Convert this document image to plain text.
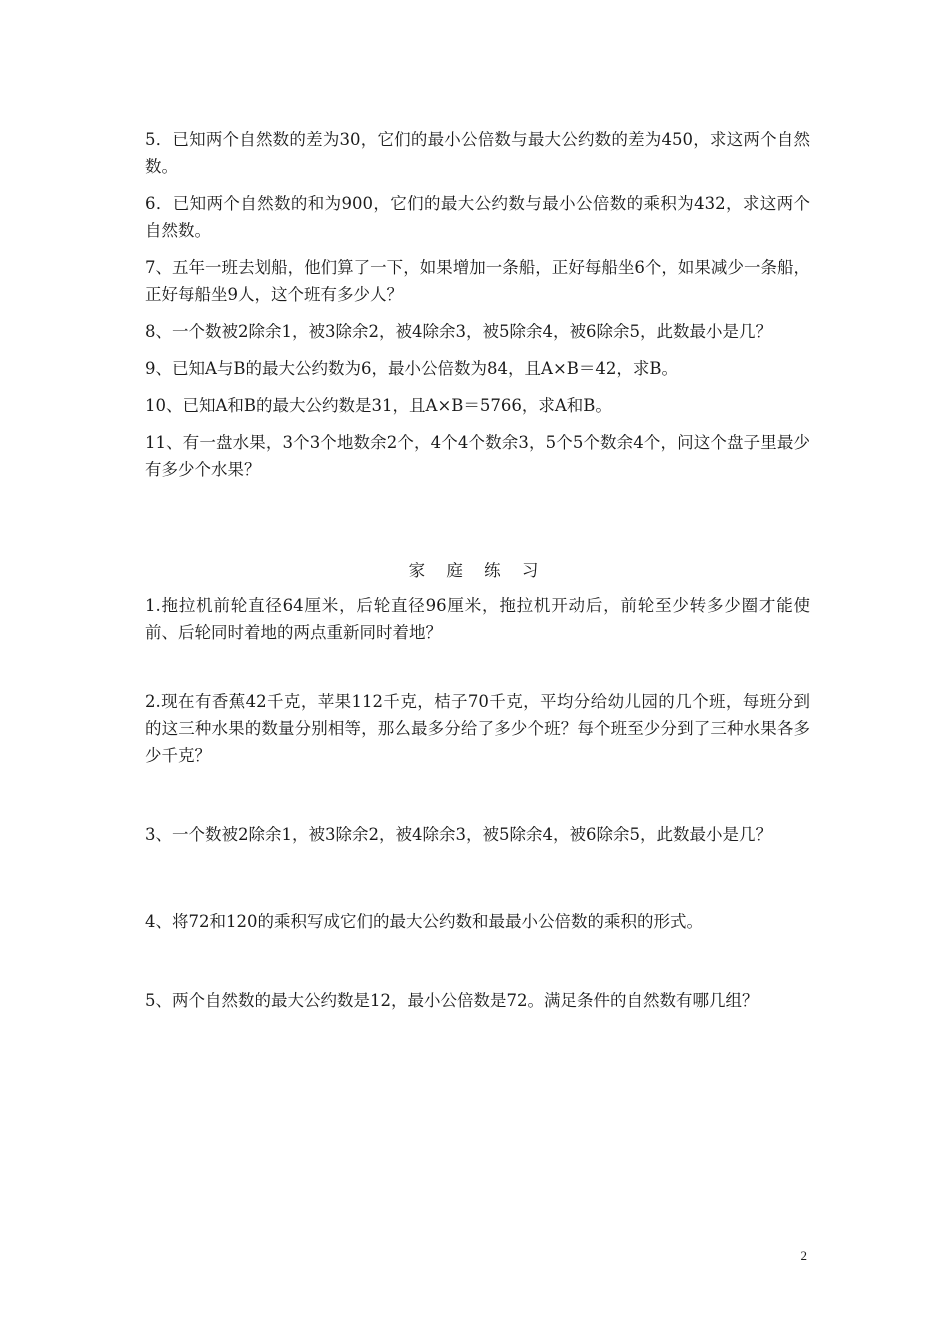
5．已知两个自然数的差为30，它们的最小公倍数与最大公约数的差为450，求这两个自然数。

6．已知两个自然数的和为900，它们的最大公约数与最小公倍数的乘积为432，求这两个自然数。

7、五年一班去划船，他们算了一下，如果增加一条船，正好每船坐6个，如果减少一条船，正好每船坐9人，这个班有多少人？

8、一个数被2除余1，被3除余2，被4除余3，被5除余4，被6除余5，此数最小是几？

9、已知A与B的最大公约数为6，最小公倍数为84，且A×B＝42，求B。

10、已知A和B的最大公约数是31，且A×B＝5766，求A和B。

11、有一盘水果，3个3个地数余2个，4个4个数余3，5个5个数余4个，问这个盘子里最少有多少个水果？

家 庭 练 习

1.拖拉机前轮直径64厘米，后轮直径96厘米，拖拉机开动后，前轮至少转多少圈才能使前、后轮同时着地的两点重新同时着地？

2.现在有香蕉42千克，苹果112千克，桔子70千克，平均分给幼儿园的几个班，每班分到的这三种水果的数量分别相等，那么最多分给了多少个班？每个班至少分到了三种水果各多少千克？

3、一个数被2除余1，被3除余2，被4除余3，被5除余4，被6除余5，此数最小是几？

4、将72和120的乘积写成它们的最大公约数和最最小公倍数的乘积的形式。

5、两个自然数的最大公约数是12，最小公倍数是72。满足条件的自然数有哪几组？

2
